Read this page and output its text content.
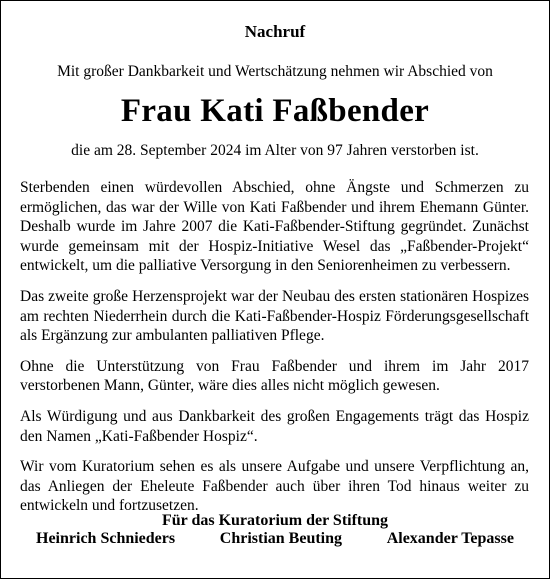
Nachruf
Mit großer Dankbarkeit und Wertschätzung nehmen wir Abschied von
Frau Kati Faßbender
die am 28. September 2024 im Alter von 97 Jahren verstorben ist.

Sterbenden einen würdevollen Abschied, ohne Ängste und Schmerzen zu ermöglichen, das war der Wille von Kati Faßbender und ihrem Ehemann Günter. Deshalb wurde im Jahre 2007 die Kati-Faßbender-Stiftung gegründet. Zunächst wurde gemeinsam mit der Hospiz-Initiative Wesel das „Faßbender-Projekt“ entwickelt, um die palliative Versorgung in den Seniorenheimen zu verbessern.

Das zweite große Herzensprojekt war der Neubau des ersten stationären Hospizes am rechten Niederrhein durch die Kati-Faßbender-Hospiz Förderungsgesellschaft als Ergänzung zur ambulanten palliativen Pflege.

Ohne die Unterstützung von Frau Faßbender und ihrem im Jahr 2017 verstorbenen Mann, Günter, wäre dies alles nicht möglich gewesen.

Als Würdigung und aus Dankbarkeit des großen Engagements trägt das Hospiz den Namen „Kati-Faßbender Hospiz“.

Wir vom Kuratorium sehen es als unsere Aufgabe und unsere Verpflichtung an, das Anliegen der Eheleute Faßbender auch über ihren Tod hinaus weiter zu entwickeln und fortzusetzen.

Für das Kuratorium der Stiftung
Heinrich Schnieders	Christian Beuting	Alexander Tepasse
